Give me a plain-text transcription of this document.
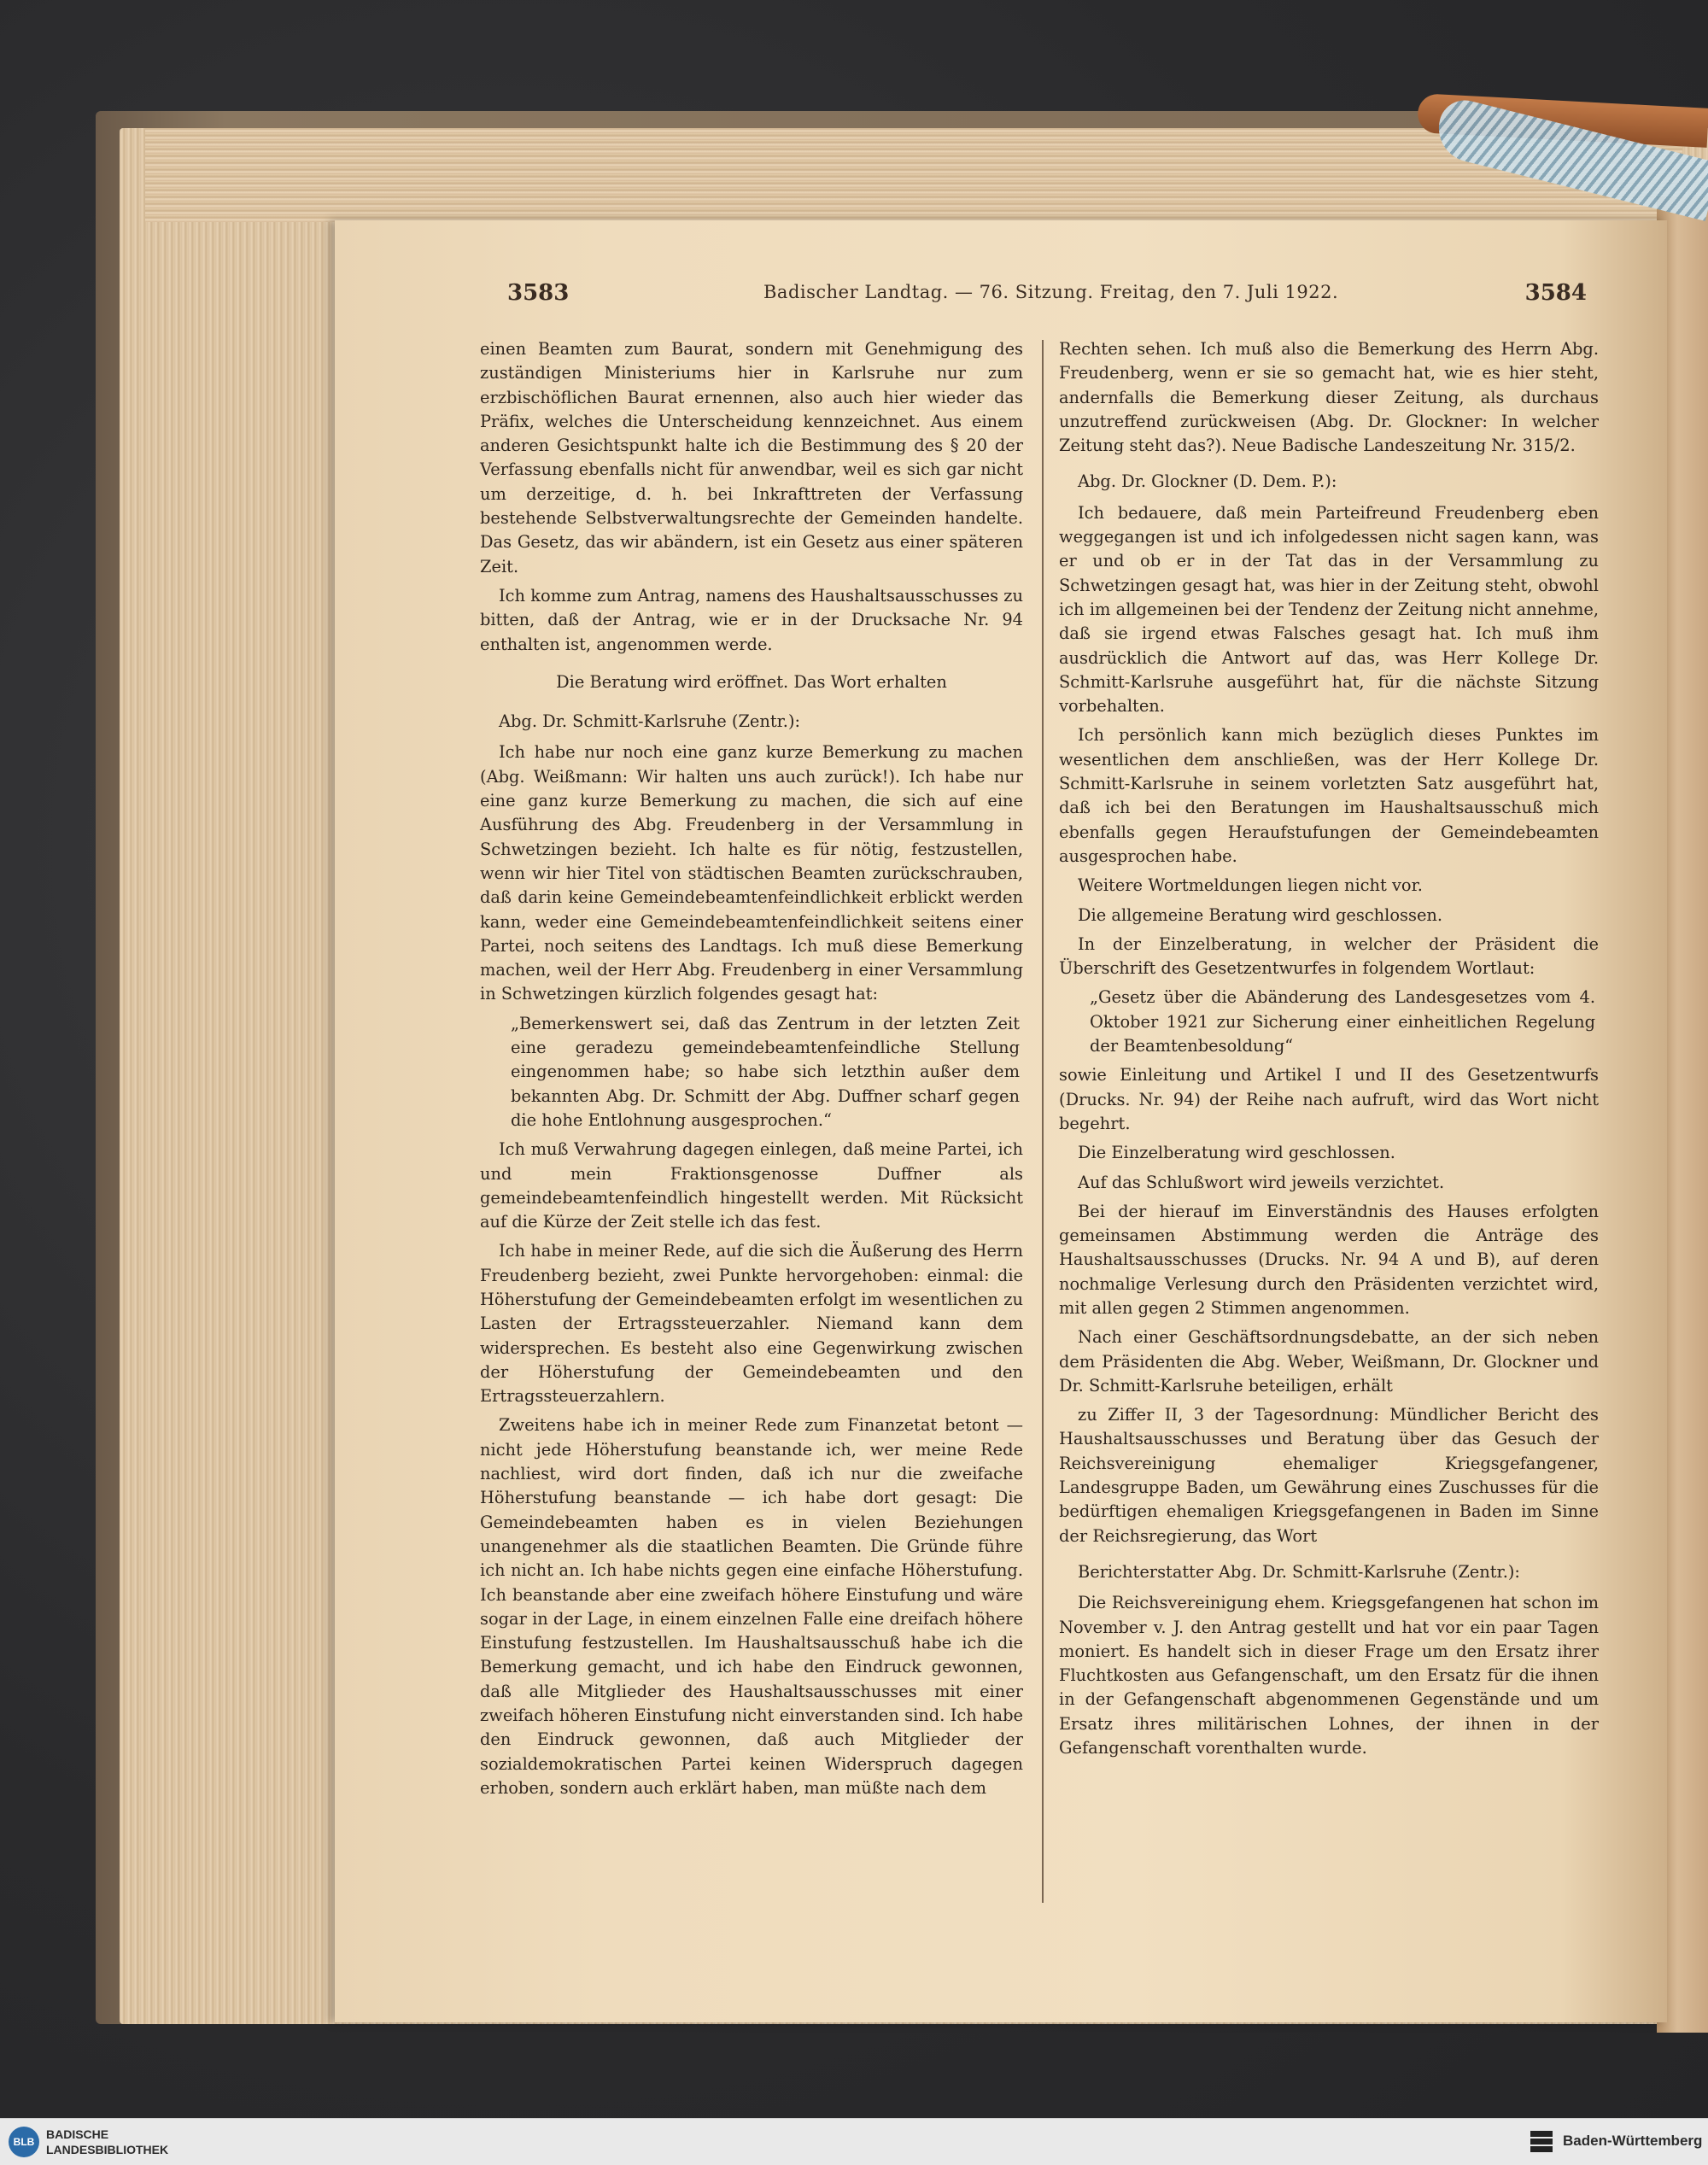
3583	Badischer Landtag. — 76. Sitzung. Freitag, den 7. Juli 1922.	3584

einen Beamten zum Baurat, sondern mit Genehmigung des zuständigen Ministeriums hier in Karlsruhe nur zum erzbischöflichen Baurat ernennen, also auch hier wieder das Präfix, welches die Unterscheidung kennzeichnet. Aus einem anderen Gesichtspunkt halte ich die Bestimmung des § 20 der Verfassung ebenfalls nicht für anwendbar, weil es sich gar nicht um derzeitige, d. h. bei Inkrafttreten der Verfassung bestehende Selbstverwaltungsrechte der Gemeinden handelte. Das Gesetz, das wir abändern, ist ein Gesetz aus einer späteren Zeit.

Ich komme zum Antrag, namens des Haushaltsausschusses zu bitten, daß der Antrag, wie er in der Drucksache Nr. 94 enthalten ist, angenommen werde.

Die Beratung wird eröffnet. Das Wort erhalten

Abg. Dr. Schmitt-Karlsruhe (Zentr.):

Ich habe nur noch eine ganz kurze Bemerkung zu machen (Abg. Weißmann: Wir halten uns auch zurück!). Ich habe nur eine ganz kurze Bemerkung zu machen, die sich auf eine Ausführung des Abg. Freudenberg in der Versammlung in Schwetzingen bezieht. Ich halte es für nötig, festzustellen, wenn wir hier Titel von städtischen Beamten zurückschrauben, daß darin keine Gemeindebeamtenfeindlichkeit erblickt werden kann, weder eine Gemeindebeamtenfeindlichkeit seitens einer Partei, noch seitens des Landtags. Ich muß diese Bemerkung machen, weil der Herr Abg. Freudenberg in einer Versammlung in Schwetzingen kürzlich folgendes gesagt hat:

„Bemerkenswert sei, daß das Zentrum in der letzten Zeit eine geradezu gemeindebeamtenfeindliche Stellung eingenommen habe; so habe sich letzthin außer dem bekannten Abg. Dr. Schmitt der Abg. Duffner scharf gegen die hohe Entlohnung ausgesprochen.“

Ich muß Verwahrung dagegen einlegen, daß meine Partei, ich und mein Fraktionsgenosse Duffner als gemeindebeamtenfeindlich hingestellt werden. Mit Rücksicht auf die Kürze der Zeit stelle ich das fest.

Ich habe in meiner Rede, auf die sich die Äußerung des Herrn Freudenberg bezieht, zwei Punkte hervorgehoben: einmal: die Höherstufung der Gemeindebeamten erfolgt im wesentlichen zu Lasten der Ertragssteuerzahler. Niemand kann dem widersprechen. Es besteht also eine Gegenwirkung zwischen der Höherstufung der Gemeindebeamten und den Ertragssteuerzahlern.

Zweitens habe ich in meiner Rede zum Finanzetat betont — nicht jede Höherstufung beanstande ich, wer meine Rede nachliest, wird dort finden, daß ich nur die zweifache Höherstufung beanstande — ich habe dort gesagt: Die Gemeindebeamten haben es in vielen Beziehungen unangenehmer als die staatlichen Beamten. Die Gründe führe ich nicht an. Ich habe nichts gegen eine einfache Höherstufung. Ich beanstande aber eine zweifach höhere Einstufung und wäre sogar in der Lage, in einem einzelnen Falle eine dreifach höhere Einstufung festzustellen. Im Haushaltsausschuß habe ich die Bemerkung gemacht, und ich habe den Eindruck gewonnen, daß alle Mitglieder des Haushaltsausschusses mit einer zweifach höheren Einstufung nicht einverstanden sind. Ich habe den Eindruck gewonnen, daß auch Mitglieder der sozialdemokratischen Partei keinen Widerspruch dagegen erhoben, sondern auch erklärt haben, man müßte nach dem

Rechten sehen. Ich muß also die Bemerkung des Herrn Abg. Freudenberg, wenn er sie so gemacht hat, wie es hier steht, andernfalls die Bemerkung dieser Zeitung, als durchaus unzutreffend zurückweisen (Abg. Dr. Glockner: In welcher Zeitung steht das?). Neue Badische Landeszeitung Nr. 315/2.

Abg. Dr. Glockner (D. Dem. P.):

Ich bedauere, daß mein Parteifreund Freudenberg eben weggegangen ist und ich infolgedessen nicht sagen kann, was er und ob er in der Tat das in der Versammlung zu Schwetzingen gesagt hat, was hier in der Zeitung steht, obwohl ich im allgemeinen bei der Tendenz der Zeitung nicht annehme, daß sie irgend etwas Falsches gesagt hat. Ich muß ihm ausdrücklich die Antwort auf das, was Herr Kollege Dr. Schmitt-Karlsruhe ausgeführt hat, für die nächste Sitzung vorbehalten.

Ich persönlich kann mich bezüglich dieses Punktes im wesentlichen dem anschließen, was der Herr Kollege Dr. Schmitt-Karlsruhe in seinem vorletzten Satz ausgeführt hat, daß ich bei den Beratungen im Haushaltsausschuß mich ebenfalls gegen Heraufstufungen der Gemeindebeamten ausgesprochen habe.

Weitere Wortmeldungen liegen nicht vor.

Die allgemeine Beratung wird geschlossen.

In der Einzelberatung, in welcher der Präsident die Überschrift des Gesetzentwurfes in folgendem Wortlaut:

„Gesetz über die Abänderung des Landesgesetzes vom 4. Oktober 1921 zur Sicherung einer einheitlichen Regelung der Beamtenbesoldung“

sowie Einleitung und Artikel I und II des Gesetzentwurfs (Drucks. Nr. 94) der Reihe nach aufruft, wird das Wort nicht begehrt.

Die Einzelberatung wird geschlossen.

Auf das Schlußwort wird jeweils verzichtet.

Bei der hierauf im Einverständnis des Hauses erfolgten gemeinsamen Abstimmung werden die Anträge des Haushaltsausschusses (Drucks. Nr. 94 A und B), auf deren nochmalige Verlesung durch den Präsidenten verzichtet wird, mit allen gegen 2 Stimmen angenommen.

Nach einer Geschäftsordnungsdebatte, an der sich neben dem Präsidenten die Abg. Weber, Weißmann, Dr. Glockner und Dr. Schmitt-Karlsruhe beteiligen, erhält

zu Ziffer II, 3 der Tagesordnung: Mündlicher Bericht des Haushaltsausschusses und Beratung über das Gesuch der Reichsvereinigung ehemaliger Kriegsgefangener, Landesgruppe Baden, um Gewährung eines Zuschusses für die bedürftigen ehemaligen Kriegsgefangenen in Baden im Sinne der Reichsregierung, das Wort

Berichterstatter Abg. Dr. Schmitt-Karlsruhe (Zentr.):

Die Reichsvereinigung ehem. Kriegsgefangenen hat schon im November v. J. den Antrag gestellt und hat vor ein paar Tagen moniert. Es handelt sich in dieser Frage um den Ersatz ihrer Fluchtkosten aus Gefangenschaft, um den Ersatz für die ihnen in der Gefangenschaft abgenommenen Gegenstände und um Ersatz ihres militärischen Lohnes, der ihnen in der Gefangenschaft vorenthalten wurde.

BLB
BADISCHE
LANDESBIBLIOTHEK
Baden-Württemberg
